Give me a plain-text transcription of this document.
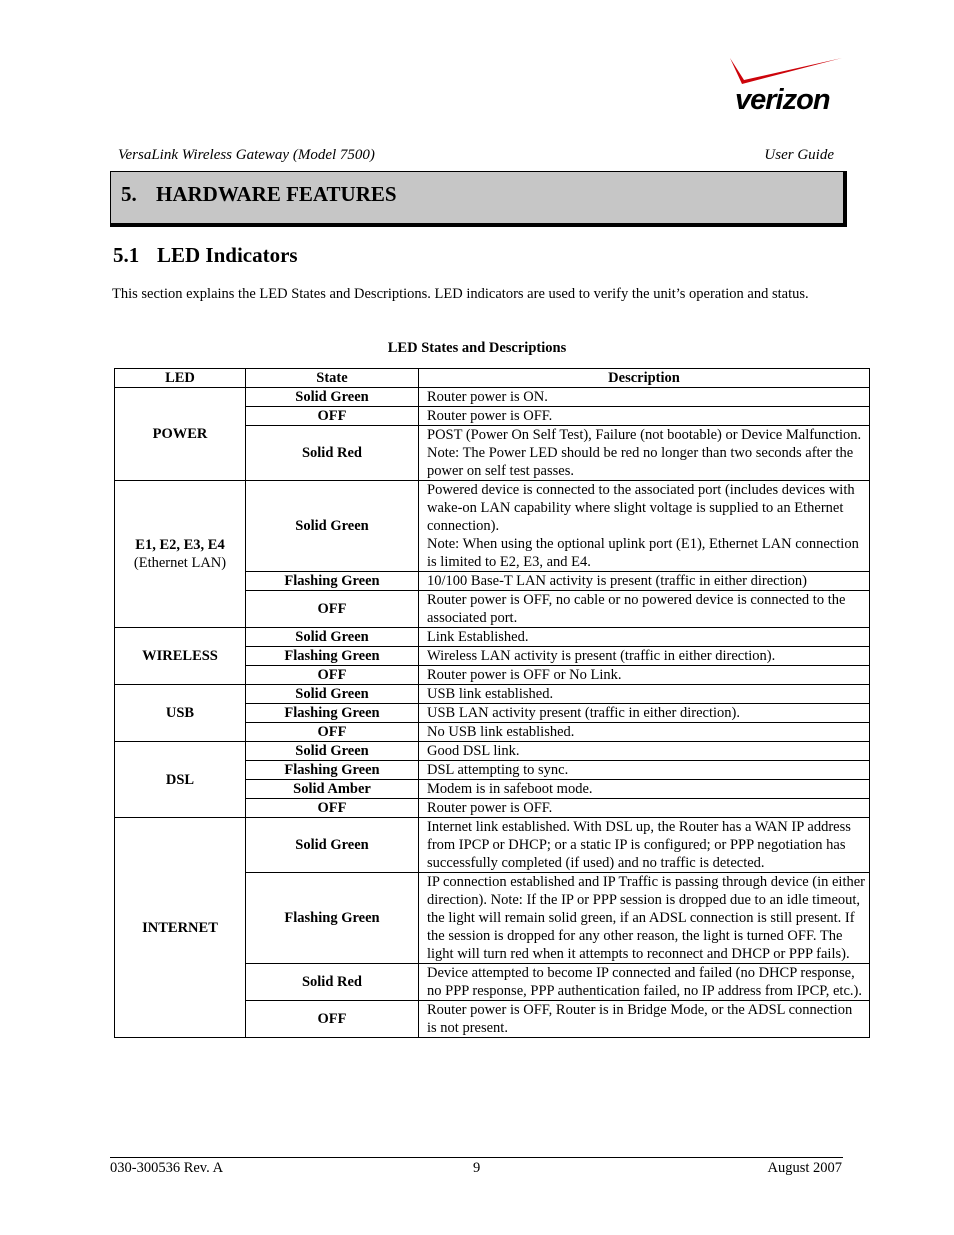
verizon
VersaLink Wireless Gateway (Model 7500)	User Guide
5. HARDWARE FEATURES
5.1 LED Indicators
This section explains the LED States and Descriptions. LED indicators are used to verify the unit’s operation and status.
LED States and Descriptions
LED	State	Description
POWER	Solid Green	Router power is ON.
	OFF	Router power is OFF.
	Solid Red	POST (Power On Self Test), Failure (not bootable) or Device Malfunction. Note: The Power LED should be red no longer than two seconds after the power on self test passes.
E1, E2, E3, E4
(Ethernet LAN)	Solid Green	Powered device is connected to the associated port (includes devices with wake-on LAN capability where slight voltage is supplied to an Ethernet connection).
Note: When using the optional uplink port (E1), Ethernet LAN connection is limited to E2, E3, and E4.
	Flashing Green	10/100 Base-T LAN activity is present (traffic in either direction)
	OFF	Router power is OFF, no cable or no powered device is connected to the associated port.
WIRELESS	Solid Green	Link Established.
	Flashing Green	Wireless LAN activity is present (traffic in either direction).
	OFF	Router power is OFF or No Link.
USB	Solid Green	USB link established.
	Flashing Green	USB LAN activity present (traffic in either direction).
	OFF	No USB link established.
DSL	Solid Green	Good DSL link.
	Flashing Green	DSL attempting to sync.
	Solid Amber	Modem is in safeboot mode.
	OFF	Router power is OFF.
INTERNET	Solid Green	Internet link established. With DSL up, the Router has a WAN IP address from IPCP or DHCP; or a static IP is configured; or PPP negotiation has successfully completed (if used) and no traffic is detected.
	Flashing Green	IP connection established and IP Traffic is passing through device (in either direction). Note: If the IP or PPP session is dropped due to an idle timeout, the light will remain solid green, if an ADSL connection is still present. If the session is dropped for any other reason, the light is turned OFF. The light will turn red when it attempts to reconnect and DHCP or PPP fails).
	Solid Red	Device attempted to become IP connected and failed (no DHCP response, no PPP response, PPP authentication failed, no IP address from IPCP, etc.).
	OFF	Router power is OFF, Router is in Bridge Mode, or the ADSL connection is not present.
030-300536 Rev. A	9	August 2007
